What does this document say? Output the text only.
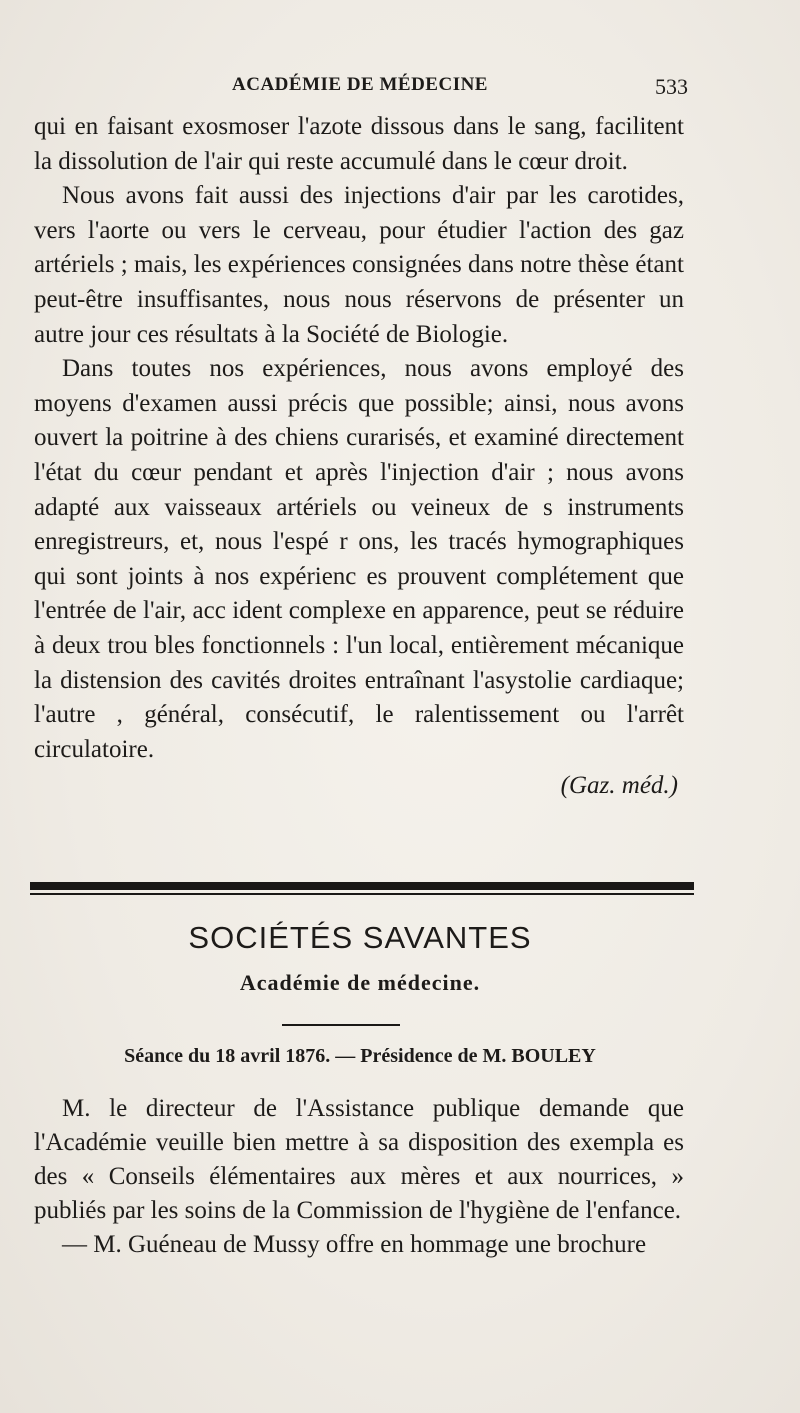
ACADÉMIE DE MÉDECINE	533

qui en faisant exosmoser l'azote dissous dans le sang, facilitent la dissolution de l'air qui reste accumulé dans le cœur droit.

Nous avons fait aussi des injections d'air par les carotides, vers l'aorte ou vers le cerveau, pour étudier l'action des gaz artériels ; mais, les expériences consignées dans notre thèse étant peut-être insuffisantes, nous nous réservons de présenter un autre jour ces résultats à la Société de Biologie.

Dans toutes nos expériences, nous avons employé des moyens d'examen aussi précis que possible; ainsi, nous avons ouvert la poitrine à des chiens curarisés, et examiné directement l'état du cœur pendant et après l'injection d'air ; nous avons adapté aux vaisseaux artériels ou veineux de s instruments enregistreurs, et, nous l'espé r ons, les tracés hymographiques qui sont joints à nos expérienc es prouvent complétement que l'entrée de l'air, acc ident complexe en apparence, peut se réduire à deux trou bles fonctionnels : l'un local, entièrement mécanique la distension des cavités droites entraînant l'asystolie cardiaque; l'autre , général, consécutif, le ralentissement ou l'arrêt circulatoire.

(Gaz. méd.)

SOCIÉTÉS SAVANTES
Académie de médecine.
Séance du 18 avril 1876. — Présidence de M. BOULEY

M. le directeur de l'Assistance publique demande que l'Académie veuille bien mettre à sa disposition des exempla es des « Conseils élémentaires aux mères et aux nourrices, » publiés par les soins de la Commission de l'hygiène de l'enfance.

— M. Guéneau de Mussy offre en hommage une brochure
